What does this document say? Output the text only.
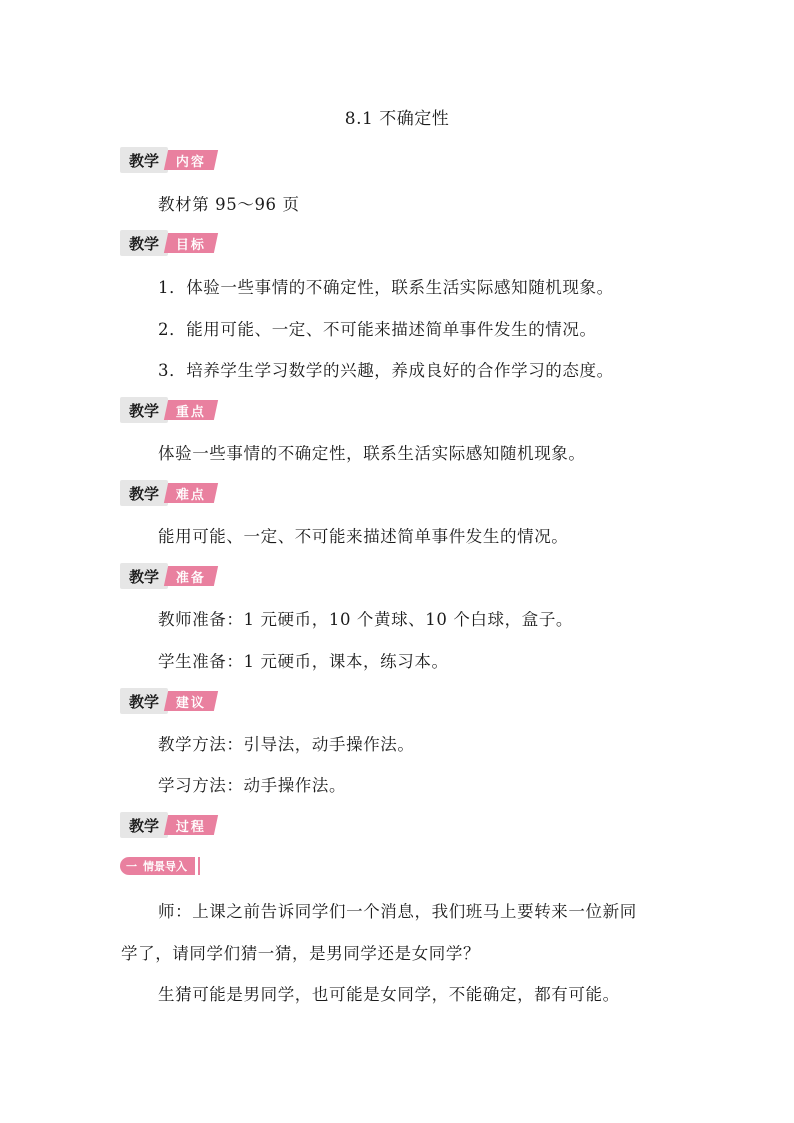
8.1 不确定性
教学	内容
教材第 95～96 页
教学	目标
1．体验一些事情的不确定性，联系生活实际感知随机现象。
2．能用可能、一定、不可能来描述简单事件发生的情况。
3．培养学生学习数学的兴趣，养成良好的合作学习的态度。
教学	重点
体验一些事情的不确定性，联系生活实际感知随机现象。
教学	难点
能用可能、一定、不可能来描述简单事件发生的情况。
教学	准备
教师准备：1 元硬币，10 个黄球、10 个白球，盒子。
学生准备：1 元硬币，课本，练习本。
教学	建议
教学方法：引导法，动手操作法。
学习方法：动手操作法。
教学	过程
一 情景导入
师：上课之前告诉同学们一个消息，我们班马上要转来一位新同
学了，请同学们猜一猜，是男同学还是女同学？
生猜可能是男同学，也可能是女同学，不能确定，都有可能。
